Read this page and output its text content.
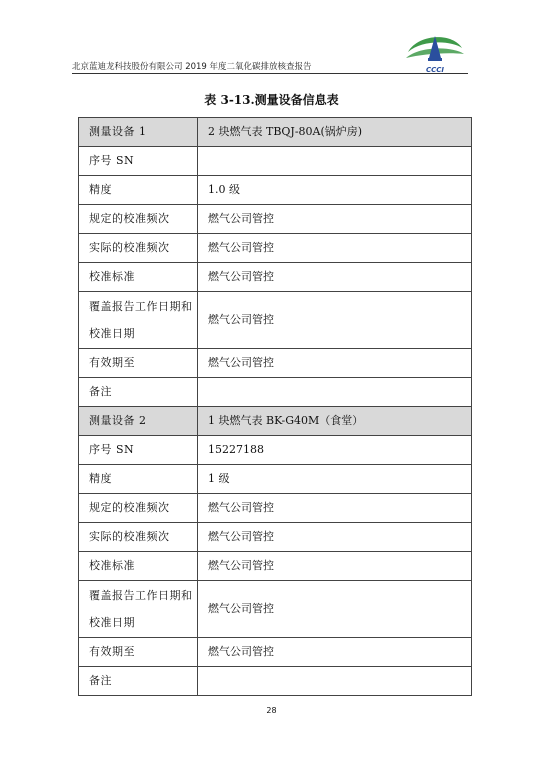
北京蓝迪龙科技股份有限公司 2019 年度二氧化碳排放核查报告	CCCI
表 3-13.测量设备信息表
测量设备 1	2 块燃气表 TBQJ-80A(锅炉房)
序号 SN	
精度	1.0 级
规定的校准频次	燃气公司管控
实际的校准频次	燃气公司管控
校准标准	燃气公司管控
覆盖报告工作日期和校准日期	燃气公司管控
有效期至	燃气公司管控
备注	
测量设备 2	1 块燃气表 BK-G40M（食堂）
序号 SN	15227188
精度	1 级
规定的校准频次	燃气公司管控
实际的校准频次	燃气公司管控
校准标准	燃气公司管控
覆盖报告工作日期和校准日期	燃气公司管控
有效期至	燃气公司管控
备注	
28
